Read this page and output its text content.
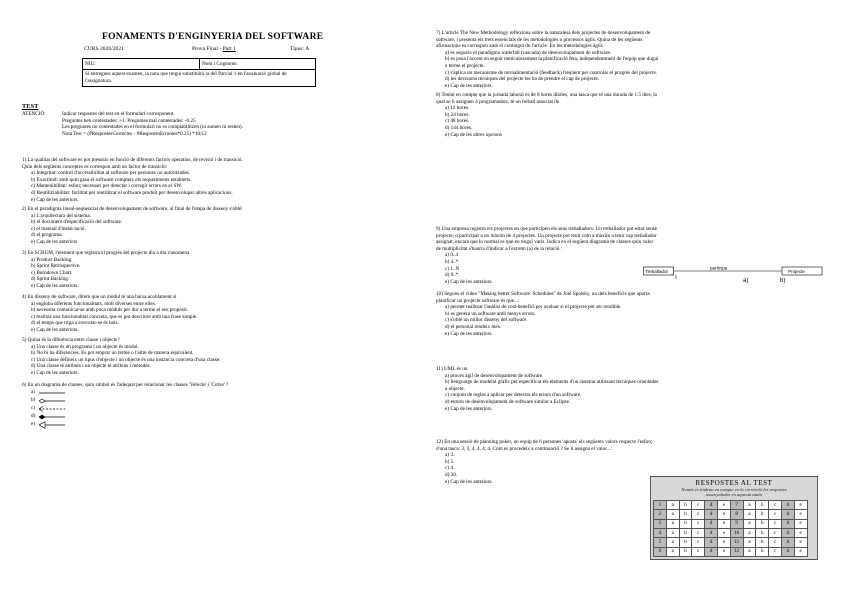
FONAMENTS D'ENGINYERIA DEL SOFTWARE
CURS 2020/2021	Prova Final - Part 1	Tipus: A
NIU:	Nom i Cognoms:
Si entregues aquest examen, la nota que tregui substituirà la del Parcial 1 en l'avaluació global de l'assignatura.
TEST
ATENCIÓ:	Indicar respostes del test en el formulari corresponent.
Preguntes ben contestades: +1. Preguntes mal contestades: -0.25
Les preguntes no contestades en el formulari no es comptabilitzen (ni sumen ni resten).
Nota Test = (#RespostesCorrectes - #RespostesErronies*0.25) *10/12
1) La qualitat del software es pot mesurar en funció de diferents factors operatius, de revisió i de transició.
Quin dels següents conceptes es correspon amb un factor de transició:
a) Integritat: control d'accessibilitat al software per persones no autoritzades.
b) Exactitud: amb quin grau el software compleix els requeriments establerts.
c) Mantenibilitat: esforç necessari per detectar i corregir errors en el SW.
d) Reutilitzabilitat: facilitat per reutilitzar el software produït per desenvolupar altres aplicacions.
e) Cap de les anteriors.
2) En el paradigma lineal-seqüencial de desenvolupament de software, al final de l'etapa de disseny s'obté:
a) L'arquitectura del sistema.
b) el document d'especificació del software.
c) el manual d'instal·lació.
d) el programa.
e) Cap de les anteriors
3) En SCRUM, l'element que registra el progrés del projecte dia a dia s'anomena
a) Product Backlog.
b) Sprint Retrospective.
c) Burndown Chart.
d) Sprint Backlog.
e) Cap de les anteriors.
4) En disseny de software, direm que un mòdul té una baixa acoblament si
a) engloba diferents funcionalitats, molt diverses entre elles.
b) necessita comunicar-se amb poca mòduls per dur a terme el seu propòsit.
c) realitza una funcionalitat concreta, que es pot descriure amb una frase simple.
d) el temps que triga a executar-se és baix.
e) Cap de les anteriors.
5) Quina és la diferència entre classe i objecte?
a) Una classe és un programa i un objecte és mòdul.
b) No hi ha diferències. Es pot emprar un terme o l'altre de manera equivalent.
c) Una classe defineix un tipus d'objecte i un objecte és una instància concreta d'una classe.
d) Una classe té atributs i un objecte té atributs i mètodes.
e) Cap de les anteriors.
6) En un diagrama de classes, quin símbol és l'adequat per relacionar les classes 'Vehicle' i 'Cotxe' ?
a)
b)
c)
d)
e)
7) L'article The New Methodology reflexiona sobre la naturalesa dels projectes de desenvolupament de
software, i presenta els trets essencials de les metodologies o processos àgils. Quina de les següents
afirmacions es correspon amb el contingut de l'article: En les metodologies àgils
a) es segueix el paradigma waterfall (cascada) de desenvolupament de software.
b) es posa l'accent en seguir meticulosament la planificació feta, independentment de l'equip que duguí
a terme el projecte.
c) s'aplica un mecanisme de retroalimentació (feedback) freqüent per controlar el progrés del projecte.
d) les decisions tècniques del projecte les ha de prendre el cap de projecte.
e) Cap de les anteriors.
8) Tenint en compte que la jornada laboral és de 8 hores diàries, una tasca que té una durada de 1.5 dies, la
qual se li assignen 4 programadors, té un treball associat de
a) 12 hores.
b) 24 hores.
c) 48 hores.
d) 144 hores.
e) Cap de les altres opcions
9) Una empresa registra els projectes en que participen els seus treballadors. Un treballador pot estar sense
projecte, o participar a un màxim de 4 projectes. Un projecte pot tenir com a màxim a tenir cap treballador
assignat, encara que lo normal es que en tingui varis. Indica en el següent diagrama de classes quin valor
de multiplicitat s'hauria d'indicar a l'extrem (a) de la relació :
a) 0..4
b) 4..*
c) 1..N
d) 0..*
e) Cap de les anteriors.
Treballador
participa
Projecte
a)	b)
10) Segons el vídeo "Making better Software: Schedules" de Joel Spolsky, un dels beneficis que aporta
planificar un projecte software és que...:
a) permet realitzar l'anàlisi de cost-benefici per avaluar si el projecte pot ser rendible.
b) es genera un software amb menys errors.
c) s'obté un millor disseny del software.
d) el personal rendeix més.
e) Cap de les anteriors.
11) UML és un
a) procés àgil de desenvolupament de software.
b) llenguatge de modelat gràfic per especificar els elements d'un sistema utilitzant tècniques orientades
a objecte.
c) conjunt de regles a aplicar per detectar els errors d'un software.
d) entorn de desenvolupament de software similar a Eclipse.
e) Cap de les anteriors.
12) En una sessió de planning poker, un equip de 6 persones 'aposta' els següents valors respecte l'esforç
d'una tasca: 3, 3, 4, 4, 4, 4. Com es procedeix a continuació ? Se li assigna el valor...:
a) 3.
b) 5.
c) 4.
d) 30.
e) Cap de les anteriors.	RESPOSTES AL TEST
Només es tindran en compte en la correcció les respostes
assenyalades en aquesta taula
1	a	b	c	d	e	7	a	b	c	d	e
2	a	b	c	d	e	8	a	b	c	d	e
3	a	b	c	d	e	9	a	b	c	d	e
4	a	b	c	d	e	10	a	b	c	d	e
5	a	b	c	d	e	11	a	b	c	d	e
6	a	b	c	d	e	12	a	b	c	d	e
